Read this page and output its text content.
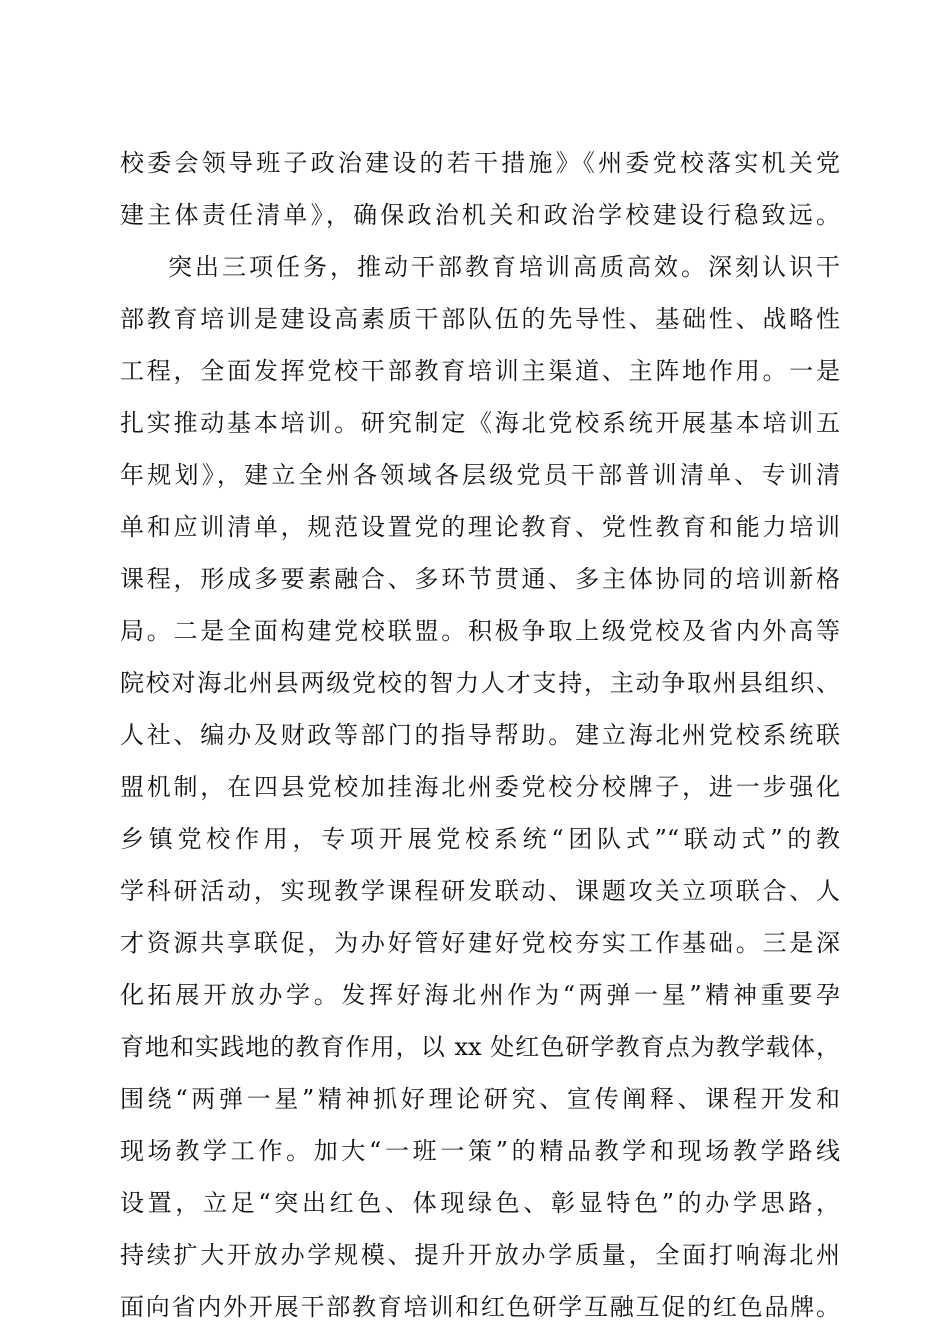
校委会领导班子政治建设的若干措施》《州委党校落实机关党
建主体责任清单》，确保政治机关和政治学校建设行稳致远。
突出三项任务，推动干部教育培训高质高效。深刻认识干
部教育培训是建设高素质干部队伍的先导性、基础性、战略性
工程，全面发挥党校干部教育培训主渠道、主阵地作用。一是
扎实推动基本培训。研究制定《海北党校系统开展基本培训五
年规划》，建立全州各领域各层级党员干部普训清单、专训清
单和应训清单，规范设置党的理论教育、党性教育和能力培训
课程，形成多要素融合、多环节贯通、多主体协同的培训新格
局。二是全面构建党校联盟。积极争取上级党校及省内外高等
院校对海北州县两级党校的智力人才支持，主动争取州县组织、
人社、编办及财政等部门的指导帮助。建立海北州党校系统联
盟机制，在四县党校加挂海北州委党校分校牌子，进一步强化
乡镇党校作用，专项开展党校系统“团队式”“联动式”的教
学科研活动，实现教学课程研发联动、课题攻关立项联合、人
才资源共享联促，为办好管好建好党校夯实工作基础。三是深
化拓展开放办学。发挥好海北州作为“两弹一星”精神重要孕
育地和实践地的教育作用，以 xx 处红色研学教育点为教学载体，
围绕“两弹一星”精神抓好理论研究、宣传阐释、课程开发和
现场教学工作。加大“一班一策”的精品教学和现场教学路线
设置，立足“突出红色、体现绿色、彰显特色”的办学思路，
持续扩大开放办学规模、提升开放办学质量，全面打响海北州
面向省内外开展干部教育培训和红色研学互融互促的红色品牌。
